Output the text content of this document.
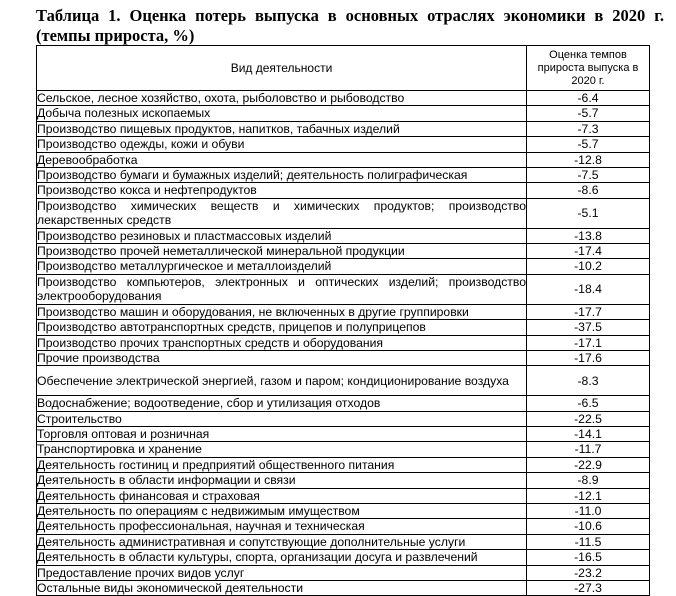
Таблица 1. Оценка потерь выпуска в основных отраслях экономики в 2020 г. (темпы прироста, %)
Вид деятельности	Оценка темпов прироста выпуска в 2020 г.
Сельское, лесное хозяйство, охота, рыболовство и рыбоводство	-6.4
Добыча полезных ископаемых	-5.7
Производство пищевых продуктов, напитков, табачных изделий	-7.3
Производство одежды, кожи и обуви	-5.7
Деревообработка	-12.8
Производство бумаги и бумажных изделий; деятельность полиграфическая	-7.5
Производство кокса и нефтепродуктов	-8.6
Производство химических веществ и химических продуктов; производство лекарственных средств	-5.1
Производство резиновых и пластмассовых изделий	-13.8
Производство прочей неметаллической минеральной продукции	-17.4
Производство металлургическое и металлоизделий	-10.2
Производство компьютеров, электронных и оптических изделий; производство электрооборудования	-18.4
Производство машин и оборудования, не включенных в другие группировки	-17.7
Производство автотранспортных средств, прицепов и полуприцепов	-37.5
Производство прочих транспортных средств и оборудования	-17.1
Прочие производства	-17.6
Обеспечение электрической энергией, газом и паром; кондиционирование воздуха	-8.3
Водоснабжение; водоотведение, сбор и утилизация отходов	-6.5
Строительство	-22.5
Торговля оптовая и розничная	-14.1
Транспортировка и хранение	-11.7
Деятельность гостиниц и предприятий общественного питания	-22.9
Деятельность в области информации и связи	-8.9
Деятельность финансовая и страховая	-12.1
Деятельность по операциям с недвижимым имуществом	-11.0
Деятельность профессиональная, научная и техническая	-10.6
Деятельность административная и сопутствующие дополнительные услуги	-11.5
Деятельность в области культуры, спорта, организации досуга и развлечений	-16.5
Предоставление прочих видов услуг	-23.2
Остальные виды экономической деятельности	-27.3
